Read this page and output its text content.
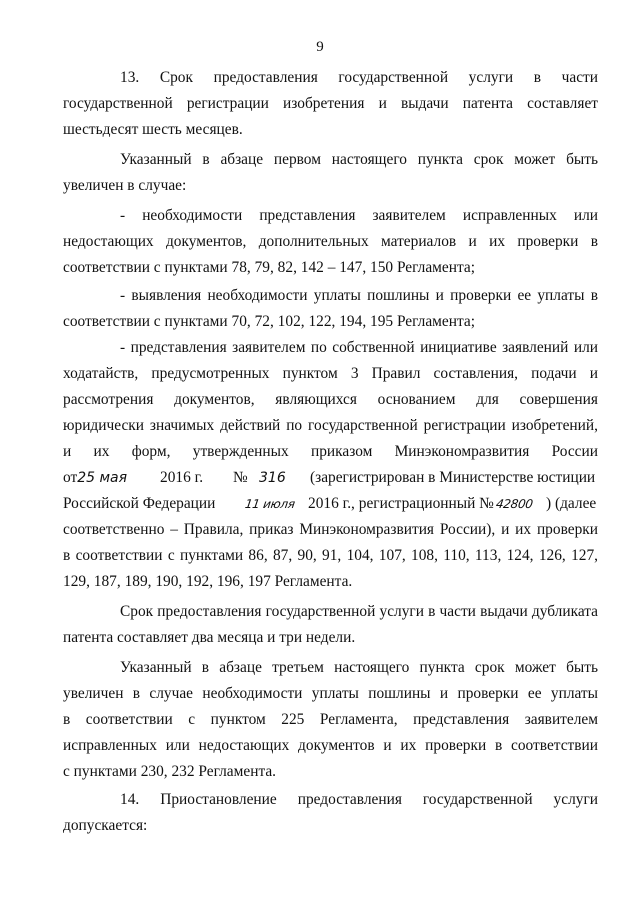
9

13. Срок предоставления государственной услуги в части

государственной регистрации изобретения и выдачи патента составляет

шестьдесят шесть месяцев.

Указанный в абзаце первом настоящего пункта срок может быть

увеличен в случае:

- необходимости представления заявителем исправленных или

недостающих документов, дополнительных материалов и их проверки в

соответствии с пунктами 78, 79, 82, 142 – 147, 150 Регламента;

- выявления необходимости уплаты пошлины и проверки ее уплаты в

соответствии с пунктами 70, 72, 102, 122, 194, 195 Регламента;

- представления заявителем по собственной инициативе заявлений или

ходатайств, предусмотренных пунктом 3 Правил составления, подачи и

рассмотрения документов, являющихся основанием для совершения

юридически значимых действий по государственной регистрации изобретений,

и их форм, утвержденных приказом Минэкономразвития России

от25 мая 2016 г. № 316 (зарегистрирован в Министерстве юстиции
Российской Федерации 11 июля 2016 г., регистрационный № 42800 ) (далее

соответственно – Правила, приказ Минэкономразвития России), и их проверки

в соответствии с пунктами 86, 87, 90, 91, 104, 107, 108, 110, 113, 124, 126, 127,

129, 187, 189, 190, 192, 196, 197 Регламента.

Срок предоставления государственной услуги в части выдачи дубликата

патента составляет два месяца и три недели.

Указанный в абзаце третьем настоящего пункта срок может быть

увеличен в случае необходимости уплаты пошлины и проверки ее уплаты

в соответствии с пунктом 225 Регламента, представления заявителем

исправленных или недостающих документов и их проверки в соответствии

с пунктами 230, 232 Регламента.

14. Приостановление предоставления государственной услуги

допускается:
